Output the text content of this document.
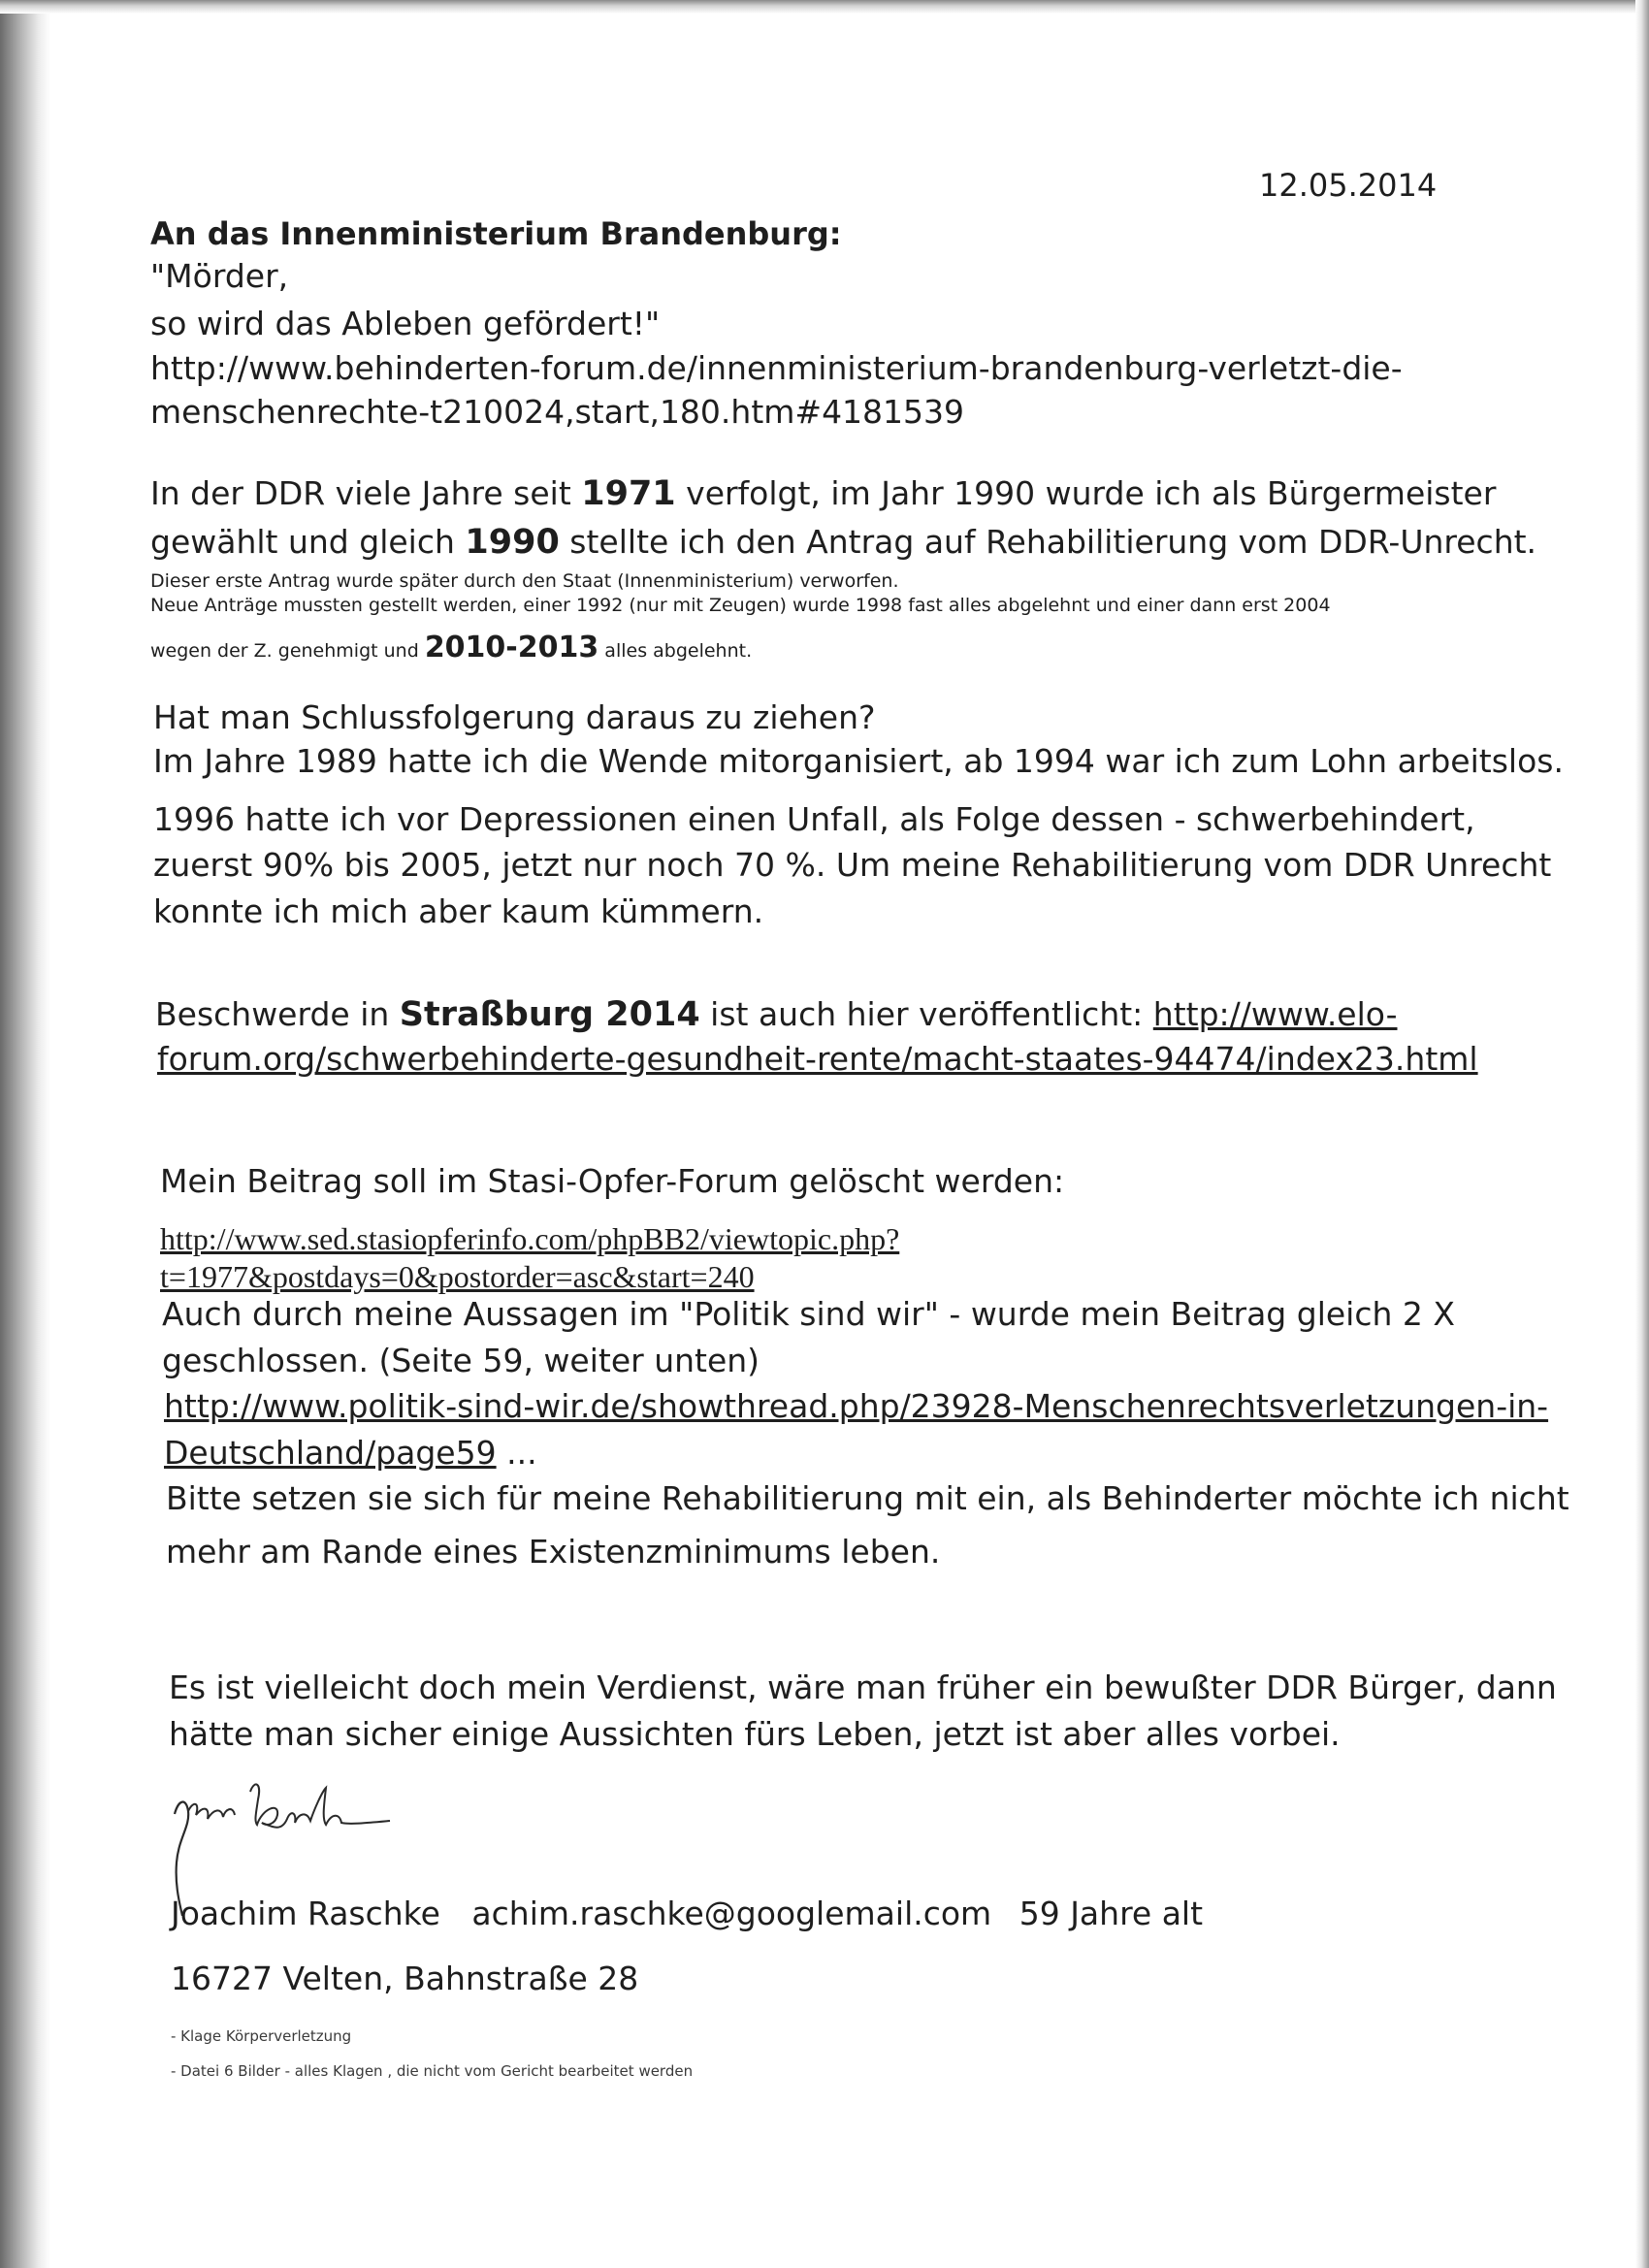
12.05.2014
An das Innenministerium Brandenburg:
"Mörder,
so wird das Ableben gefördert!"
http://www.behinderten-forum.de/innenministerium-brandenburg-verletzt-die-
menschenrechte-t210024,start,180.htm#4181539
In der DDR viele Jahre seit 1971 verfolgt, im Jahr 1990 wurde ich als Bürgermeister
gewählt und gleich 1990 stellte ich den Antrag auf Rehabilitierung vom DDR-Unrecht.
Dieser erste Antrag wurde später durch den Staat (Innenministerium) verworfen.
Neue Anträge mussten gestellt werden, einer 1992 (nur mit Zeugen) wurde 1998 fast alles abgelehnt und einer dann erst 2004
wegen der Z. genehmigt und 2010-2013 alles abgelehnt.
Hat man Schlussfolgerung daraus zu ziehen?
Im Jahre 1989 hatte ich die Wende mitorganisiert, ab 1994 war ich zum Lohn arbeitslos.
1996 hatte ich vor Depressionen einen Unfall, als Folge dessen - schwerbehindert,
zuerst 90% bis 2005, jetzt nur noch 70 %. Um meine Rehabilitierung vom DDR Unrecht
konnte ich mich aber kaum kümmern.
Beschwerde in Straßburg 2014 ist auch hier veröffentlicht: http://www.elo-
forum.org/schwerbehinderte-gesundheit-rente/macht-staates-94474/index23.html
Mein Beitrag soll im Stasi-Opfer-Forum gelöscht werden:
http://www.sed.stasiopferinfo.com/phpBB2/viewtopic.php?
t=1977&postdays=0&postorder=asc&start=240
Auch durch meine Aussagen im "Politik sind wir" - wurde mein Beitrag gleich 2 X
geschlossen. (Seite 59, weiter unten)
http://www.politik-sind-wir.de/showthread.php/23928-Menschenrechtsverletzungen-in-
Deutschland/page59 ...
Bitte setzen sie sich für meine Rehabilitierung mit ein, als Behinderter möchte ich nicht
mehr am Rande eines Existenzminimums leben.
Es ist vielleicht doch mein Verdienst, wäre man früher ein bewußter DDR Bürger, dann
hätte man sicher einige Aussichten fürs Leben, jetzt ist aber alles vorbei.
Joachim Raschke achim.raschke@googlemail.com 59 Jahre alt
16727 Velten, Bahnstraße 28
- Klage Körperverletzung
- Datei 6 Bilder - alles Klagen , die nicht vom Gericht bearbeitet werden
